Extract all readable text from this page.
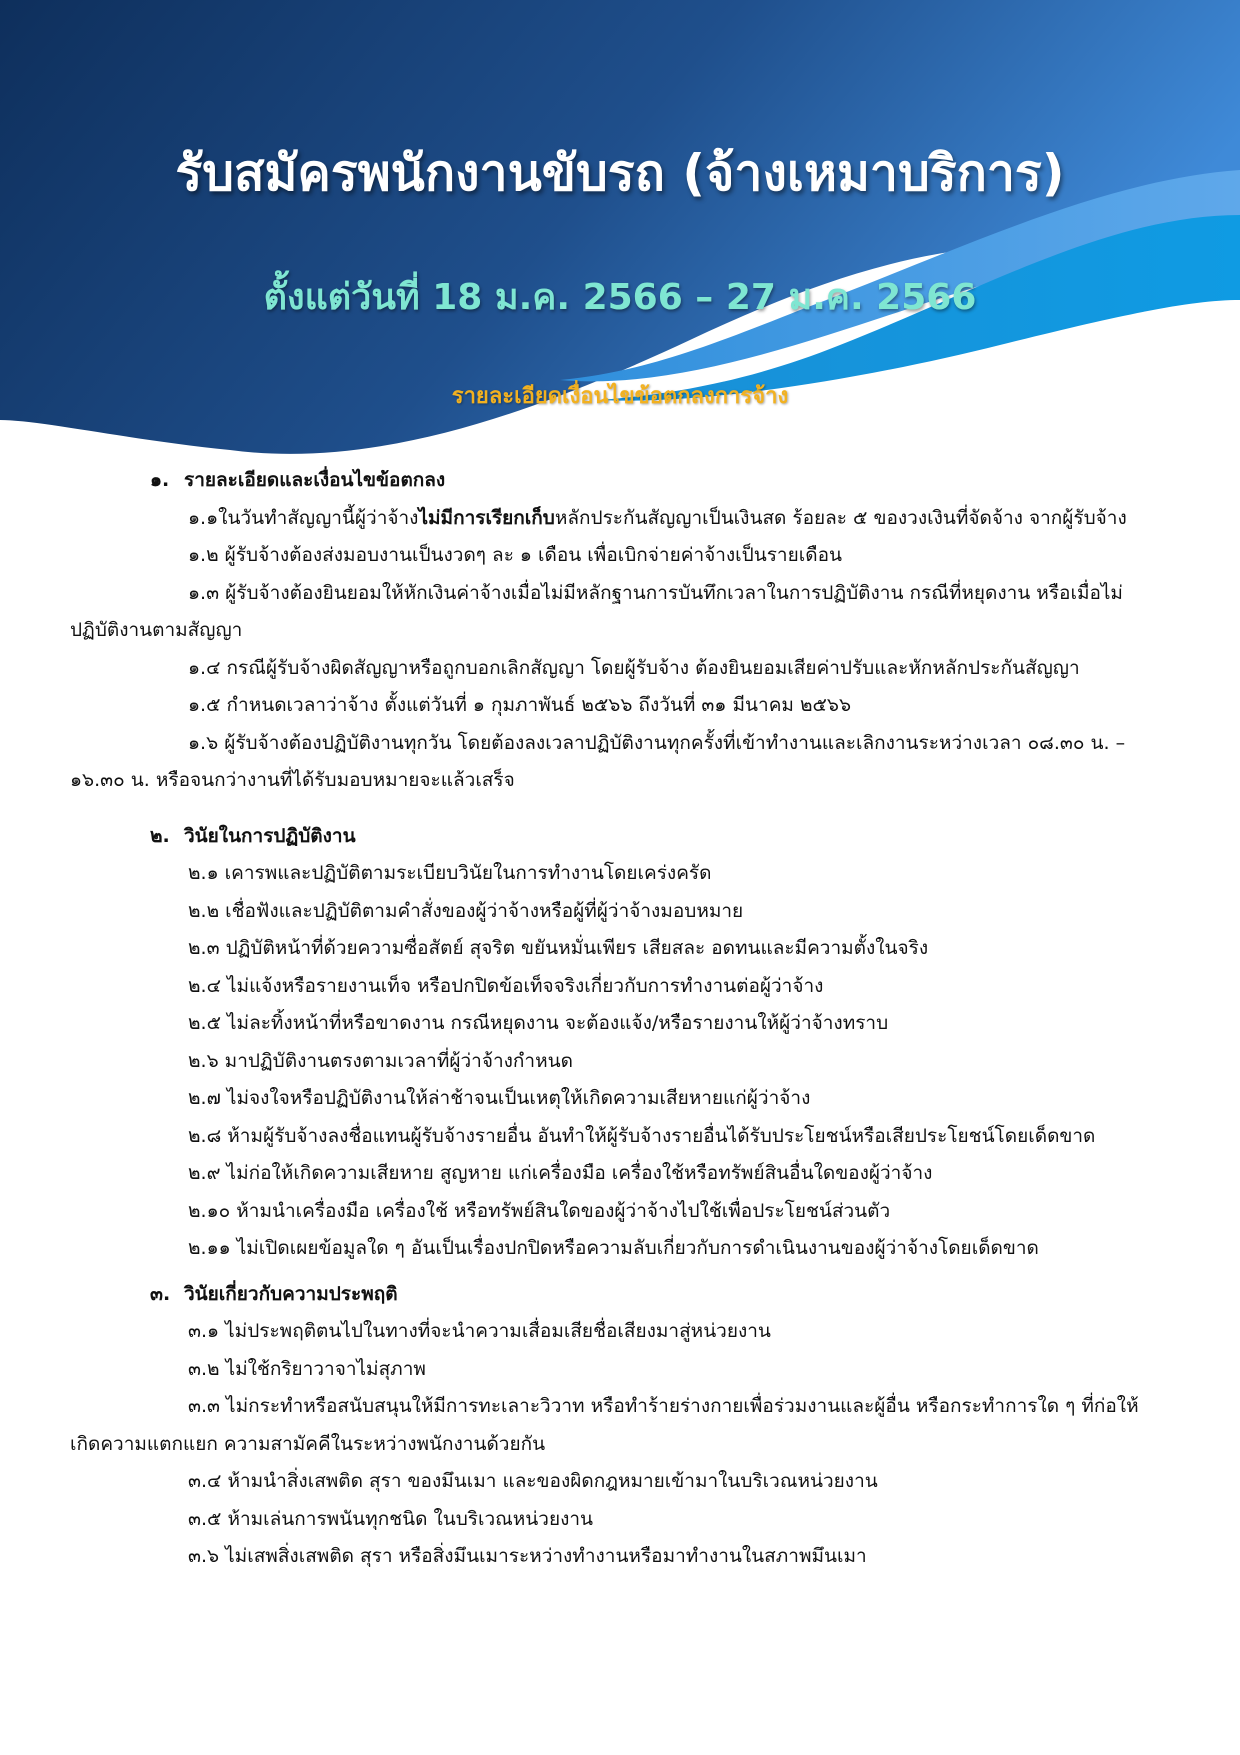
รับสมัครพนักงานขับรถ (จ้างเหมาบริการ)
ตั้งแต่วันที่ 18 ม.ค. 2566 – 27 ม.ค. 2566
รายละเอียดเงื่อนไขข้อตกลงการจ้าง
๑. รายละเอียดและเงื่อนไขข้อตกลง
๑.๑ในวันทำสัญญานี้ผู้ว่าจ้างไม่มีการเรียกเก็บหลักประกันสัญญาเป็นเงินสด ร้อยละ ๕ ของวงเงินที่จัดจ้าง จากผู้รับจ้าง
๑.๒ ผู้รับจ้างต้องส่งมอบงานเป็นงวดๆ ละ ๑ เดือน เพื่อเบิกจ่ายค่าจ้างเป็นรายเดือน
๑.๓ ผู้รับจ้างต้องยินยอมให้หักเงินค่าจ้างเมื่อไม่มีหลักฐานการบันทึกเวลาในการปฏิบัติงาน กรณีที่หยุดงาน หรือเมื่อไม่ปฏิบัติงานตามสัญญา
๑.๔ กรณีผู้รับจ้างผิดสัญญาหรือถูกบอกเลิกสัญญา โดยผู้รับจ้าง ต้องยินยอมเสียค่าปรับและหักหลักประกันสัญญา
๑.๕ กำหนดเวลาว่าจ้าง ตั้งแต่วันที่ ๑ กุมภาพันธ์ ๒๕๖๖ ถึงวันที่ ๓๑ มีนาคม ๒๕๖๖
๑.๖ ผู้รับจ้างต้องปฏิบัติงานทุกวัน โดยต้องลงเวลาปฏิบัติงานทุกครั้งที่เข้าทำงานและเลิกงานระหว่างเวลา ๐๘.๓๐ น. – ๑๖.๓๐ น. หรือจนกว่างานที่ได้รับมอบหมายจะแล้วเสร็จ
๒. วินัยในการปฏิบัติงาน
๒.๑ เคารพและปฏิบัติตามระเบียบวินัยในการทำงานโดยเคร่งครัด
๒.๒ เชื่อฟังและปฏิบัติตามคำสั่งของผู้ว่าจ้างหรือผู้ที่ผู้ว่าจ้างมอบหมาย
๒.๓ ปฏิบัติหน้าที่ด้วยความซื่อสัตย์ สุจริต ขยันหมั่นเพียร เสียสละ อดทนและมีความตั้งในจริง
๒.๔ ไม่แจ้งหรือรายงานเท็จ หรือปกปิดข้อเท็จจริงเกี่ยวกับการทำงานต่อผู้ว่าจ้าง
๒.๕ ไม่ละทิ้งหน้าที่หรือขาดงาน กรณีหยุดงาน จะต้องแจ้ง/หรือรายงานให้ผู้ว่าจ้างทราบ
๒.๖ มาปฏิบัติงานตรงตามเวลาที่ผู้ว่าจ้างกำหนด
๒.๗ ไม่จงใจหรือปฏิบัติงานให้ล่าช้าจนเป็นเหตุให้เกิดความเสียหายแก่ผู้ว่าจ้าง
๒.๘ ห้ามผู้รับจ้างลงชื่อแทนผู้รับจ้างรายอื่น อันทำให้ผู้รับจ้างรายอื่นได้รับประโยชน์หรือเสียประโยชน์โดยเด็ดขาด
๒.๙ ไม่ก่อให้เกิดความเสียหาย สูญหาย แก่เครื่องมือ เครื่องใช้หรือทรัพย์สินอื่นใดของผู้ว่าจ้าง
๒.๑๐ ห้ามนำเครื่องมือ เครื่องใช้ หรือทรัพย์สินใดของผู้ว่าจ้างไปใช้เพื่อประโยชน์ส่วนตัว
๒.๑๑ ไม่เปิดเผยข้อมูลใด ๆ อันเป็นเรื่องปกปิดหรือความลับเกี่ยวกับการดำเนินงานของผู้ว่าจ้างโดยเด็ดขาด
๓. วินัยเกี่ยวกับความประพฤติ
๓.๑ ไม่ประพฤติตนไปในทางที่จะนำความเสื่อมเสียชื่อเสียงมาสู่หน่วยงาน
๓.๒ ไม่ใช้กริยาวาจาไม่สุภาพ
๓.๓ ไม่กระทำหรือสนับสนุนให้มีการทะเลาะวิวาท หรือทำร้ายร่างกายเพื่อร่วมงานและผู้อื่น หรือกระทำการใด ๆ ที่ก่อให้เกิดความแตกแยก ความสามัคคีในระหว่างพนักงานด้วยกัน
๓.๔ ห้ามนำสิ่งเสพติด สุรา ของมึนเมา และของผิดกฎหมายเข้ามาในบริเวณหน่วยงาน
๓.๕ ห้ามเล่นการพนันทุกชนิด ในบริเวณหน่วยงาน
๓.๖ ไม่เสพสิ่งเสพติด สุรา หรือสิ่งมึนเมาระหว่างทำงานหรือมาทำงานในสภาพมึนเมา
